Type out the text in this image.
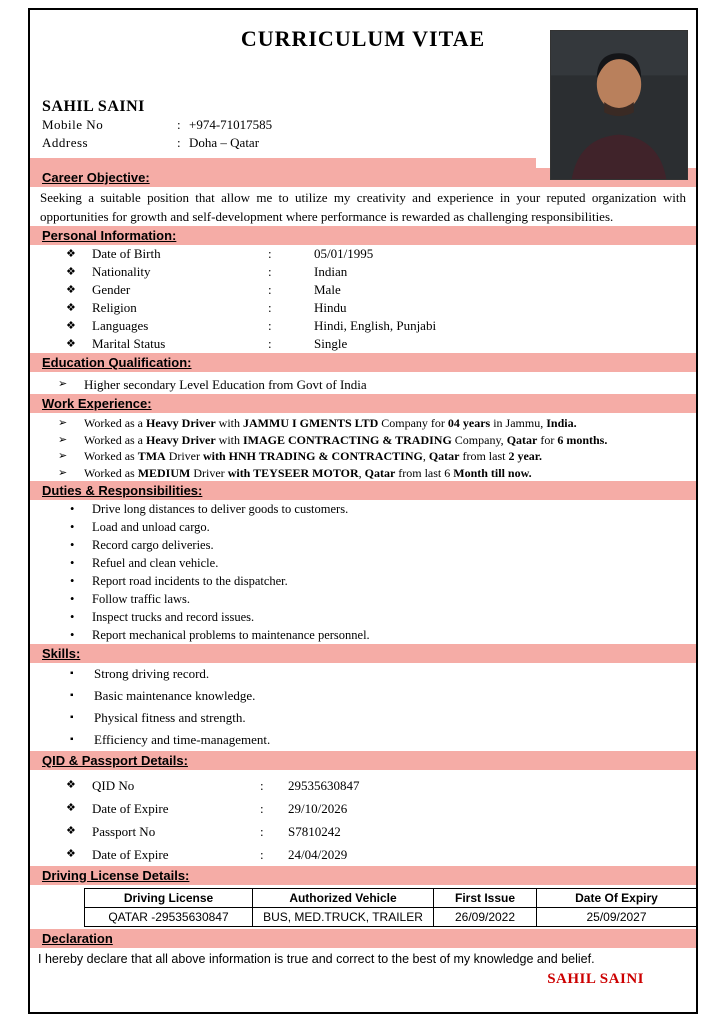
CURRICULUM VITAE
SAHIL SAINI
Mobile No	: +974-71017585
Address	: Doha – Qatar
Career Objective:

Seeking a suitable position that allow me to utilize my creativity and experience in your reputed organization with opportunities for growth and self-development where performance is rewarded as challenging responsibilities.

Personal Information:
❖	Date of Birth	:	05/01/1995
❖	Nationality	:	Indian
❖	Gender	:	Male
❖	Religion	:	Hindu
❖	Languages	:	Hindi, English, Punjabi
❖	Marital Status	:	Single
Education Qualification:
➢	Higher secondary Level Education from Govt of India
Work Experience:
➢	Worked as a Heavy Driver with JAMMU I GMENTS LTD Company for 04 years in Jammu, India.
➢	Worked as a Heavy Driver with IMAGE CONTRACTING & TRADING Company, Qatar for 6 months.
➢	Worked as TMA Driver with HNH TRADING & CONTRACTING, Qatar from last 2 year.
➢	Worked as MEDIUM Driver with TEYSEER MOTOR, Qatar from last 6 Month till now.
Duties & Responsibilities:
•	Drive long distances to deliver goods to customers.
•	Load and unload cargo.
•	Record cargo deliveries.
•	Refuel and clean vehicle.
•	Report road incidents to the dispatcher.
•	Follow traffic laws.
•	Inspect trucks and record issues.
•	Report mechanical problems to maintenance personnel.
Skills:
▪	Strong driving record.
▪	Basic maintenance knowledge.
▪	Physical fitness and strength.
▪	Efficiency and time-management.
QID & Passport Details:
❖	QID No	:	29535630847
❖	Date of Expire	:	29/10/2026
❖	Passport No	:	S7810242
❖	Date of Expire	:	24/04/2029
Driving License Details:
Driving License	Authorized Vehicle	First Issue	Date Of Expiry
QATAR -29535630847	BUS, MED.TRUCK, TRAILER	26/09/2022	25/09/2027
Declaration

I hereby declare that all above information is true and correct to the best of my knowledge and belief.

SAHIL SAINI
